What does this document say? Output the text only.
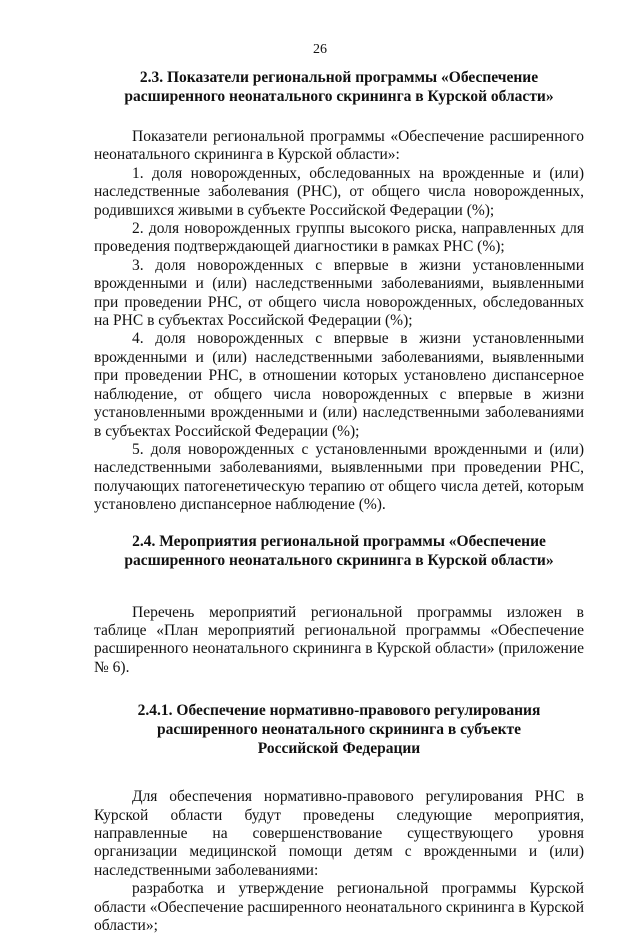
26
2.3. Показатели региональной программы «Обеспечение
расширенного неонатального скрининга в Курской области»

Показатели региональной программы «Обеспечение расширенного неонатального скрининга в Курской области»:

1. доля новорожденных, обследованных на врожденные и (или) наследственные заболевания (РНС), от общего числа новорожденных, родившихся живыми в субъекте Российской Федерации (%);

2. доля новорожденных группы высокого риска, направленных для проведения подтверждающей диагностики в рамках РНС (%);

3. доля новорожденных с впервые в жизни установленными врожденными и (или) наследственными заболеваниями, выявленными при проведении РНС, от общего числа новорожденных, обследованных на РНС в субъектах Российской Федерации (%);

4. доля новорожденных с впервые в жизни установленными врожденными и (или) наследственными заболеваниями, выявленными при проведении РНС, в отношении которых установлено диспансерное наблюдение, от общего числа новорожденных с впервые в жизни установленными врожденными и (или) наследственными заболеваниями в субъектах Российской Федерации (%);

5. доля новорожденных с установленными врожденными и (или) наследственными заболеваниями, выявленными при проведении РНС, получающих патогенетическую терапию от общего числа детей, которым установлено диспансерное наблюдение (%).

2.4. Мероприятия региональной программы «Обеспечение
расширенного неонатального скрининга в Курской области»

Перечень мероприятий региональной программы изложен в таблице «План мероприятий региональной программы «Обеспечение расширенного неонатального скрининга в Курской области» (приложение № 6).

2.4.1. Обеспечение нормативно-правового регулирования
расширенного неонатального скрининга в субъекте
Российской Федерации

Для обеспечения нормативно-правового регулирования РНС в Курской области будут проведены следующие мероприятия, направленные на совершенствование существующего уровня организации медицинской помощи детям с врожденными и (или) наследственными заболеваниями:

разработка и утверждение региональной программы Курской области «Обеспечение расширенного неонатального скрининга в Курской области»;
